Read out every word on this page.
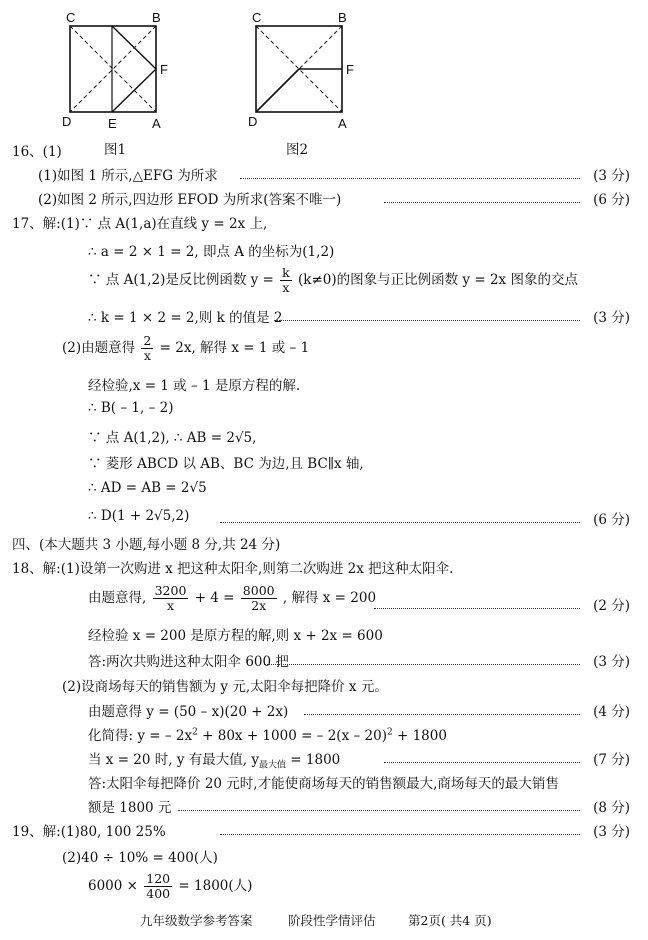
C	B
F
D	E	A
图1
C	B
F
D	A
图2
16、(1)
(1)如图 1 所示,△EFG 为所求	(3 分)
(2)如图 2 所示,四边形 EFOD 为所求(答案不唯一)	(6 分)
17、解:(1)∵ 点 A(1,a)在直线 y = 2x 上,
∴ a = 2 × 1 = 2, 即点 A 的坐标为(1,2)
∵ 点 A(1,2)是反比例函数 $y = \frac{k}{x} (k\ne 0)$的图象与正比例函数 y = 2x 图象的交点
∴ k = 1 × 2 = 2,则 k 的值是 2	(3 分)
(2)由题意得 $\frac{2}{x} = 2x$, 解得 x = 1 或 – 1
经检验,x = 1 或 – 1 是原方程的解.
∴ B( – 1, – 2)
∵ 点 A(1,2), ∴ AB = 2√5,
∵ 菱形 ABCD 以 AB、BC 为边,且 BC∥x 轴,
∴ AD = AB = 2√5
∴ D(1 + 2√5,2)	(6 分)
四、(本大题共 3 小题,每小题 8 分,共 24 分)
18、解:(1)设第一次购进 x 把这种太阳伞,则第二次购进 2x 把这种太阳伞.
由题意得, $\frac{3200}{x} + 4 = \frac{8000}{2x}$ , 解得 x = 200	(2 分)
经检验 x = 200 是原方程的解,则 x + 2x = 600
答:两次共购进这种太阳伞 600 把	(3 分)
(2)设商场每天的销售额为 y 元,太阳伞每把降价 x 元。
由题意得 y = (50 – x)(20 + 2x)	(4 分)
化简得: y = – $2x^2 + 80x + 1000$ = – 2(x – 20)$^2$ + 1800
当 x = 20 时, y 有最大值, $y_{最大值} = 1800$	(7 分)
答:太阳伞每把降价 20 元时,才能使商场每天的销售额最大,商场每天的最大销售
额是 1800 元	(8 分)
19、解:(1)80, 100 25%	(3 分)
(2)40 ÷ 10% = 400(人)
$6000 \times \frac{120}{400} = 1800$(人)
九年级数学参考答案	阶段性学情评估	第2页( 共4 页)
